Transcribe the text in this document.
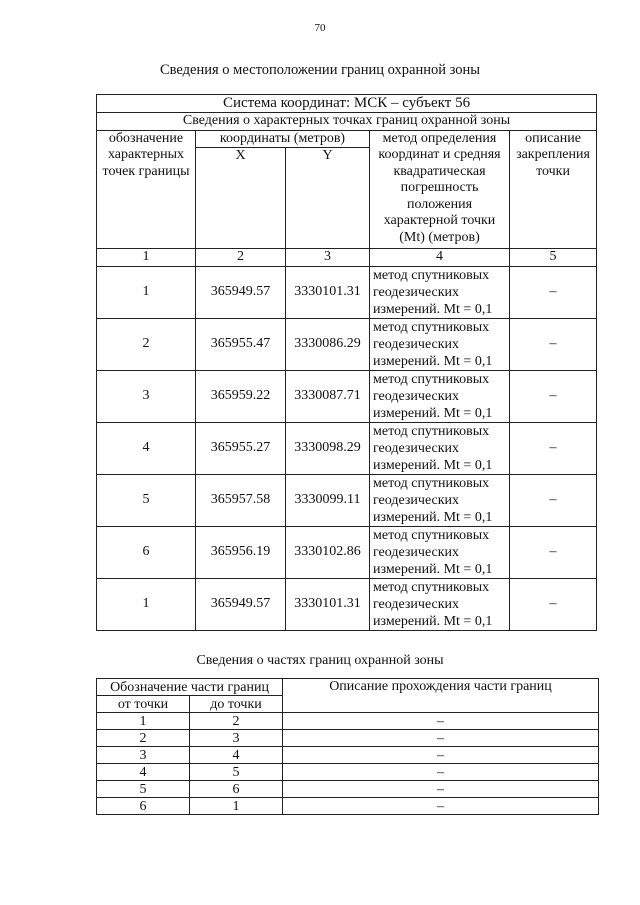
70
Сведения о местоположении границ охранной зоны
Система координат: МСК – субъект 56				
Сведения о характерных точках границ охранной зоны				
обозначение характерных точек границы	координаты (метров)		метод определения координат и средняя квадратическая погрешность положения характерной точки (Mt) (метров)	описание закрепления точки
	X	Y		
1	2	3	4	5
1	365949.57	3330101.31	метод спутниковых геодезических измерений. Mt = 0,1	–
2	365955.47	3330086.29	метод спутниковых геодезических измерений. Mt = 0,1	–
3	365959.22	3330087.71	метод спутниковых геодезических измерений. Mt = 0,1	–
4	365955.27	3330098.29	метод спутниковых геодезических измерений. Mt = 0,1	–
5	365957.58	3330099.11	метод спутниковых геодезических измерений. Mt = 0,1	–
6	365956.19	3330102.86	метод спутниковых геодезических измерений. Mt = 0,1	–
1	365949.57	3330101.31	метод спутниковых геодезических измерений. Mt = 0,1	–
Сведения о частях границ охранной зоны
Обозначение части границ		Описание прохождения части границ
от точки	до точки	
1	2	–
2	3	–
3	4	–
4	5	–
5	6	–
6	1	–
